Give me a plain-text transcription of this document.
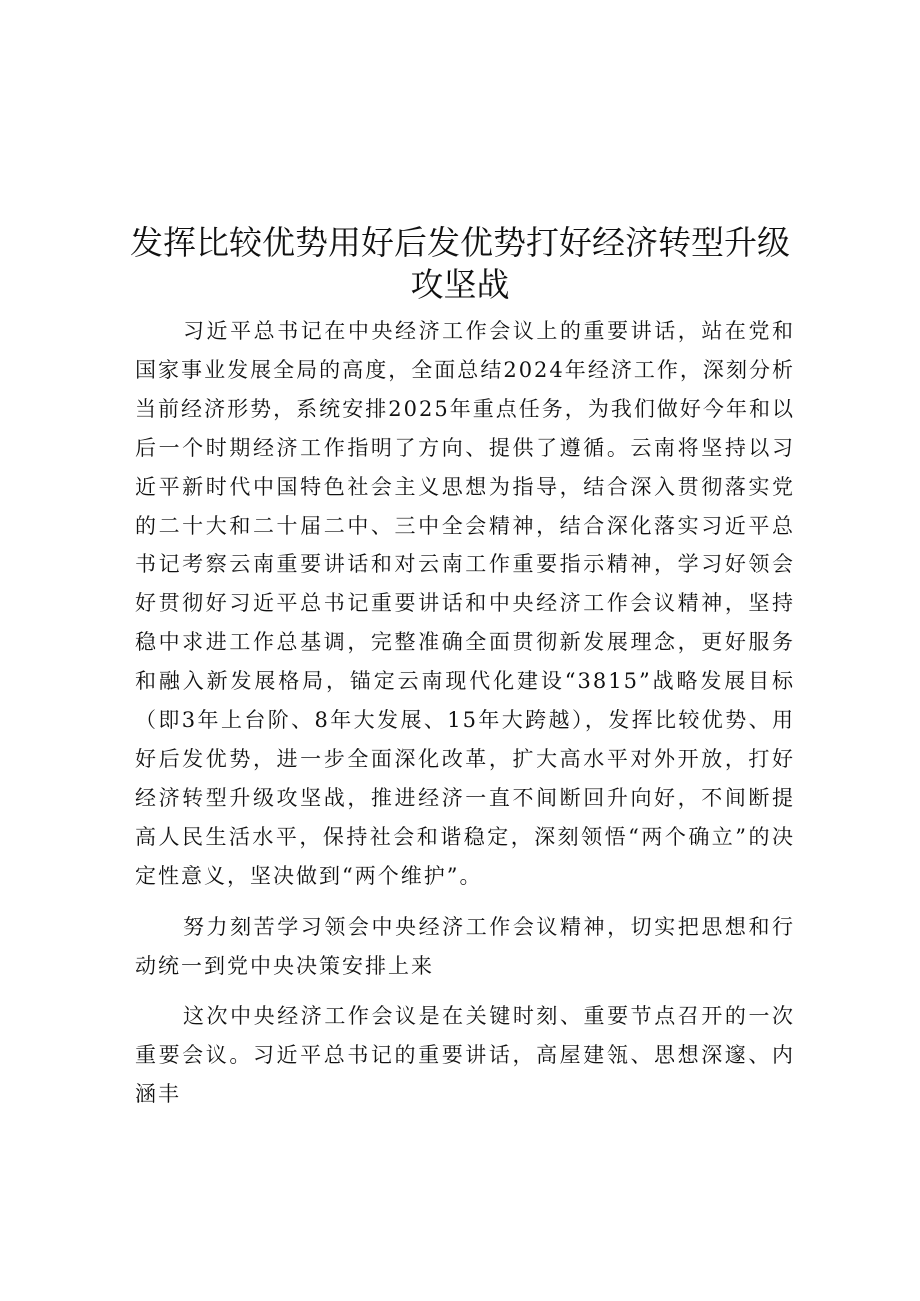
发挥比较优势用好后发优势打好经济转型升级
攻坚战

习近平总书记在中央经济工作会议上的重要讲话，站在党和国家事业发展全局的高度，全面总结2024年经济工作，深刻分析当前经济形势，系统安排2025年重点任务，为我们做好今年和以后一个时期经济工作指明了方向、提供了遵循。云南将坚持以习近平新时代中国特色社会主义思想为指导，结合深入贯彻落实党的二十大和二十届二中、三中全会精神，结合深化落实习近平总书记考察云南重要讲话和对云南工作重要指示精神，学习好领会好贯彻好习近平总书记重要讲话和中央经济工作会议精神，坚持稳中求进工作总基调，完整准确全面贯彻新发展理念，更好服务和融入新发展格局，锚定云南现代化建设“3815”战略发展目标（即3年上台阶、8年大发展、15年大跨越），发挥比较优势、用好后发优势，进一步全面深化改革，扩大高水平对外开放，打好经济转型升级攻坚战，推进经济一直不间断回升向好，不间断提高人民生活水平，保持社会和谐稳定，深刻领悟“两个确立”的决定性意义，坚决做到“两个维护”。

努力刻苦学习领会中央经济工作会议精神，切实把思想和行动统一到党中央决策安排上来

这次中央经济工作会议是在关键时刻、重要节点召开的一次重要会议。习近平总书记的重要讲话，高屋建瓴、思想深邃、内涵丰
